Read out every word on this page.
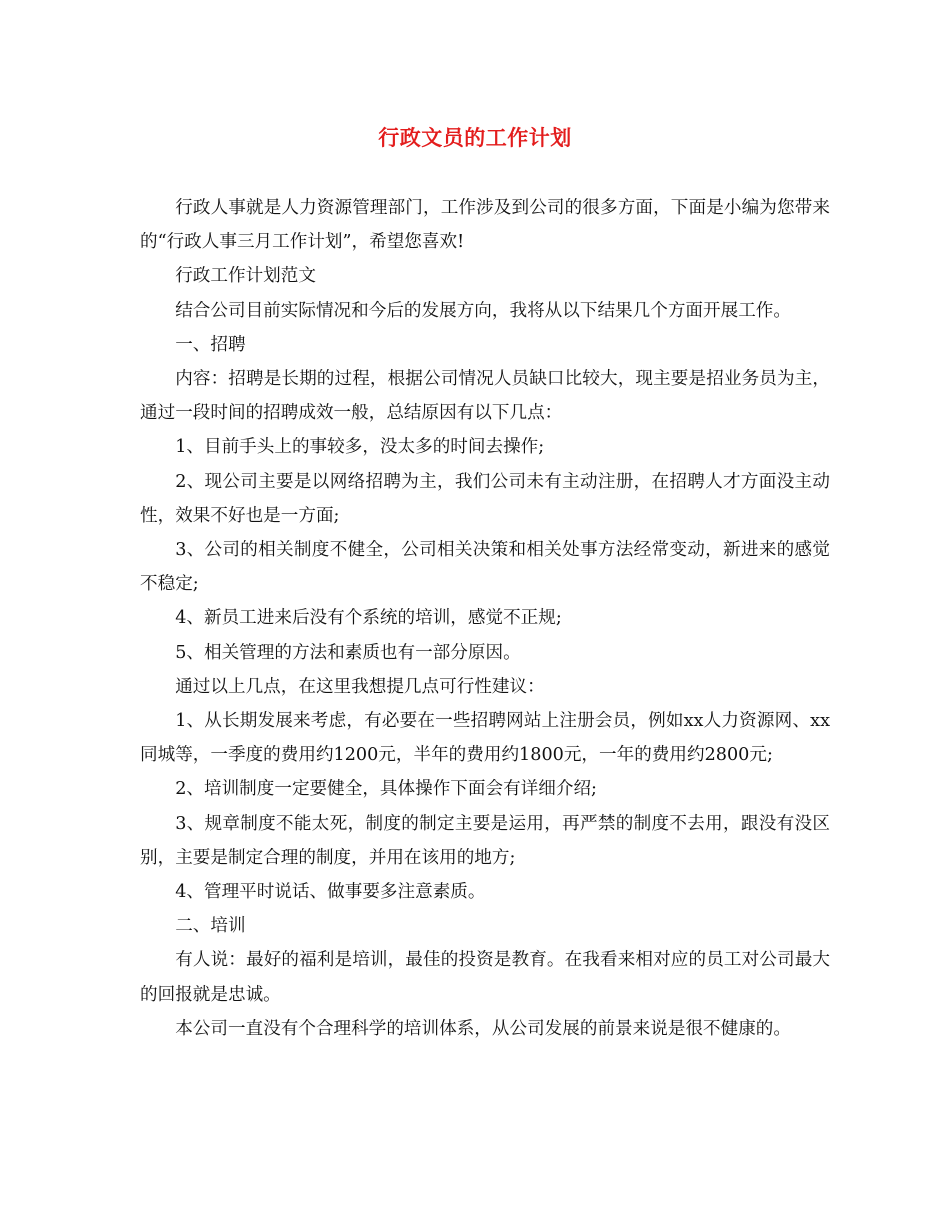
行政文员的工作计划

行政人事就是人力资源管理部门，工作涉及到公司的很多方面，下面是小编为您带来的“行政人事三月工作计划”，希望您喜欢!

行政工作计划范文

结合公司目前实际情况和今后的发展方向，我将从以下结果几个方面开展工作。

一、招聘

内容：招聘是长期的过程，根据公司情况人员缺口比较大，现主要是招业务员为主，通过一段时间的招聘成效一般，总结原因有以下几点：

1、目前手头上的事较多，没太多的时间去操作;

2、现公司主要是以网络招聘为主，我们公司未有主动注册，在招聘人才方面没主动性，效果不好也是一方面;

3、公司的相关制度不健全，公司相关决策和相关处事方法经常变动，新进来的感觉不稳定;

4、新员工进来后没有个系统的培训，感觉不正规;

5、相关管理的方法和素质也有一部分原因。

通过以上几点，在这里我想提几点可行性建议：

1、从长期发展来考虑，有必要在一些招聘网站上注册会员，例如xx人力资源网、xx同城等，一季度的费用约1200元，半年的费用约1800元，一年的费用约2800元;

2、培训制度一定要健全，具体操作下面会有详细介绍;

3、规章制度不能太死，制度的制定主要是运用，再严禁的制度不去用，跟没有没区别，主要是制定合理的制度，并用在该用的地方;

4、管理平时说话、做事要多注意素质。

二、培训

有人说：最好的福利是培训，最佳的投资是教育。在我看来相对应的员工对公司最大的回报就是忠诚。

本公司一直没有个合理科学的培训体系，从公司发展的前景来说是很不健康的。
